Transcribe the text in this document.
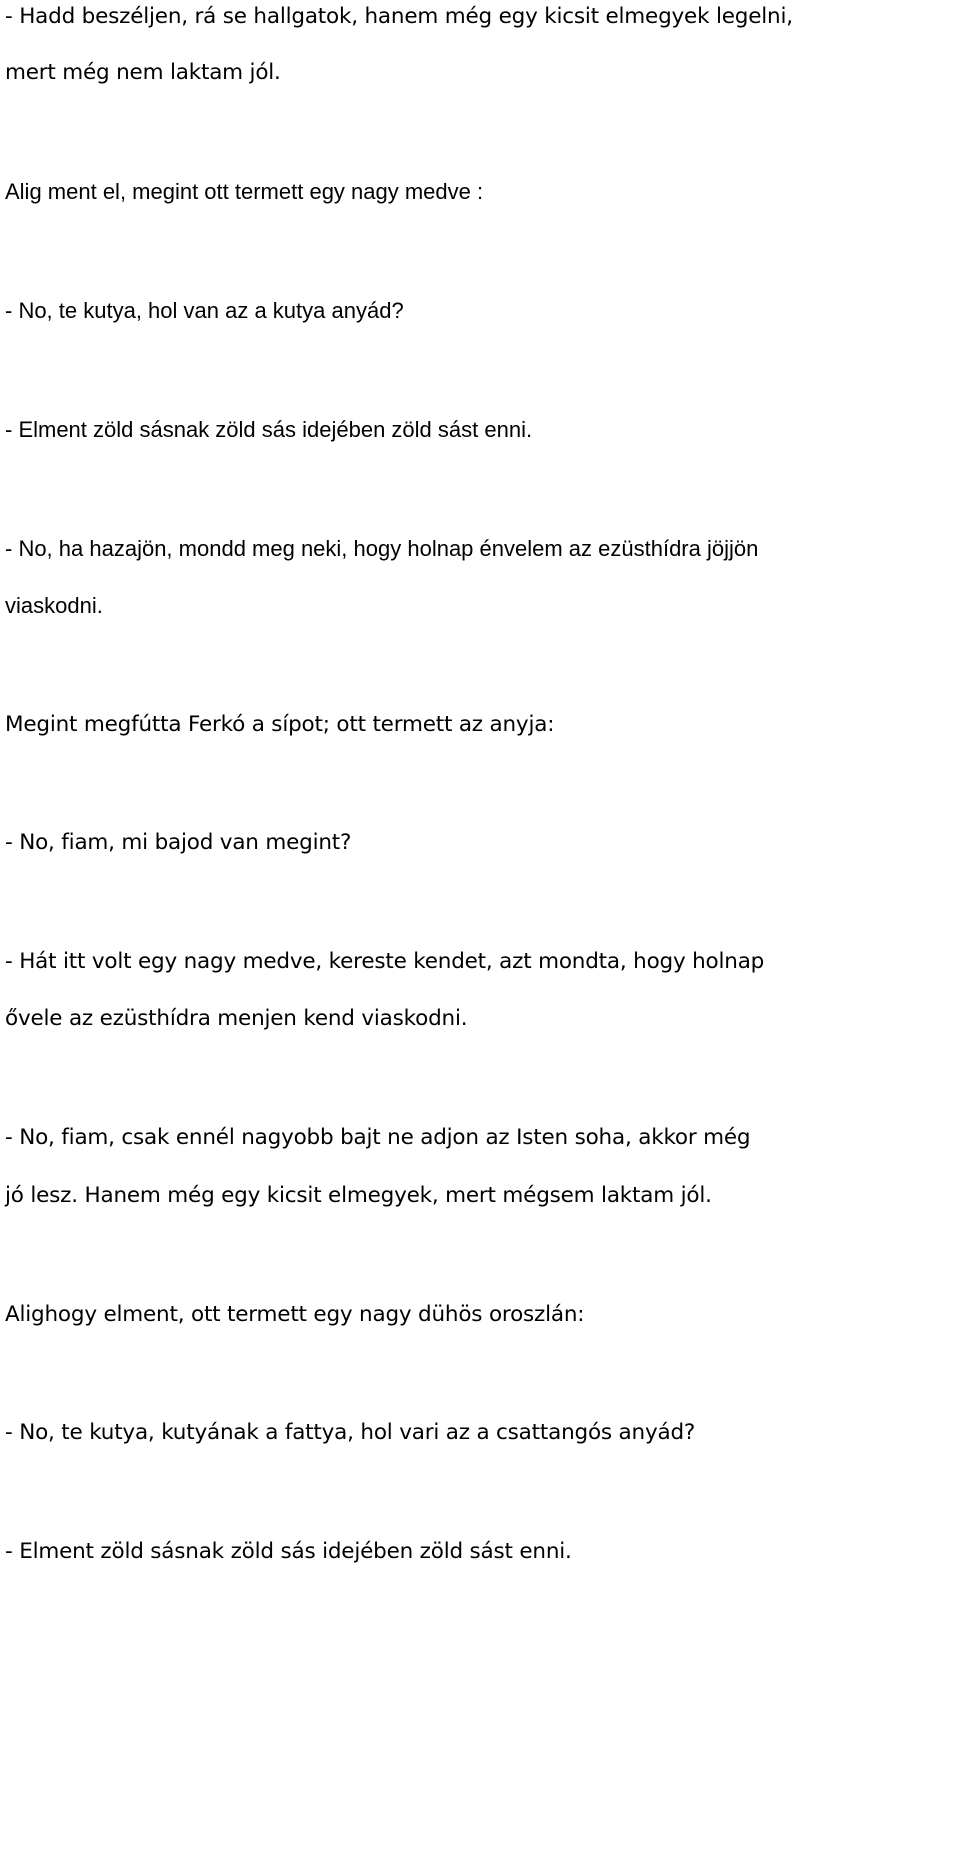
- Hadd beszéljen, rá se hallgatok, hanem még egy kicsit elmegyek legelni,
mert még nem laktam jól.
Alig ment el, megint ott termett egy nagy medve :
- No, te kutya, hol van az a kutya anyád?
- Elment zöld sásnak zöld sás idejében zöld sást enni.
- No, ha hazajön, mondd meg neki, hogy holnap énvelem az ezüsthídra jöjjön
viaskodni.
Megint megfútta Ferkó a sípot; ott termett az anyja:
- No, fiam, mi bajod van megint?
- Hát itt volt egy nagy medve, kereste kendet, azt mondta, hogy holnap
ővele az ezüsthídra menjen kend viaskodni.
- No, fiam, csak ennél nagyobb bajt ne adjon az Isten soha, akkor még
jó lesz. Hanem még egy kicsit elmegyek, mert mégsem laktam jól.
Alighogy elment, ott termett egy nagy dühös oroszlán:
- No, te kutya, kutyának a fattya, hol vari az a csattangós anyád?
- Elment zöld sásnak zöld sás idejében zöld sást enni.
